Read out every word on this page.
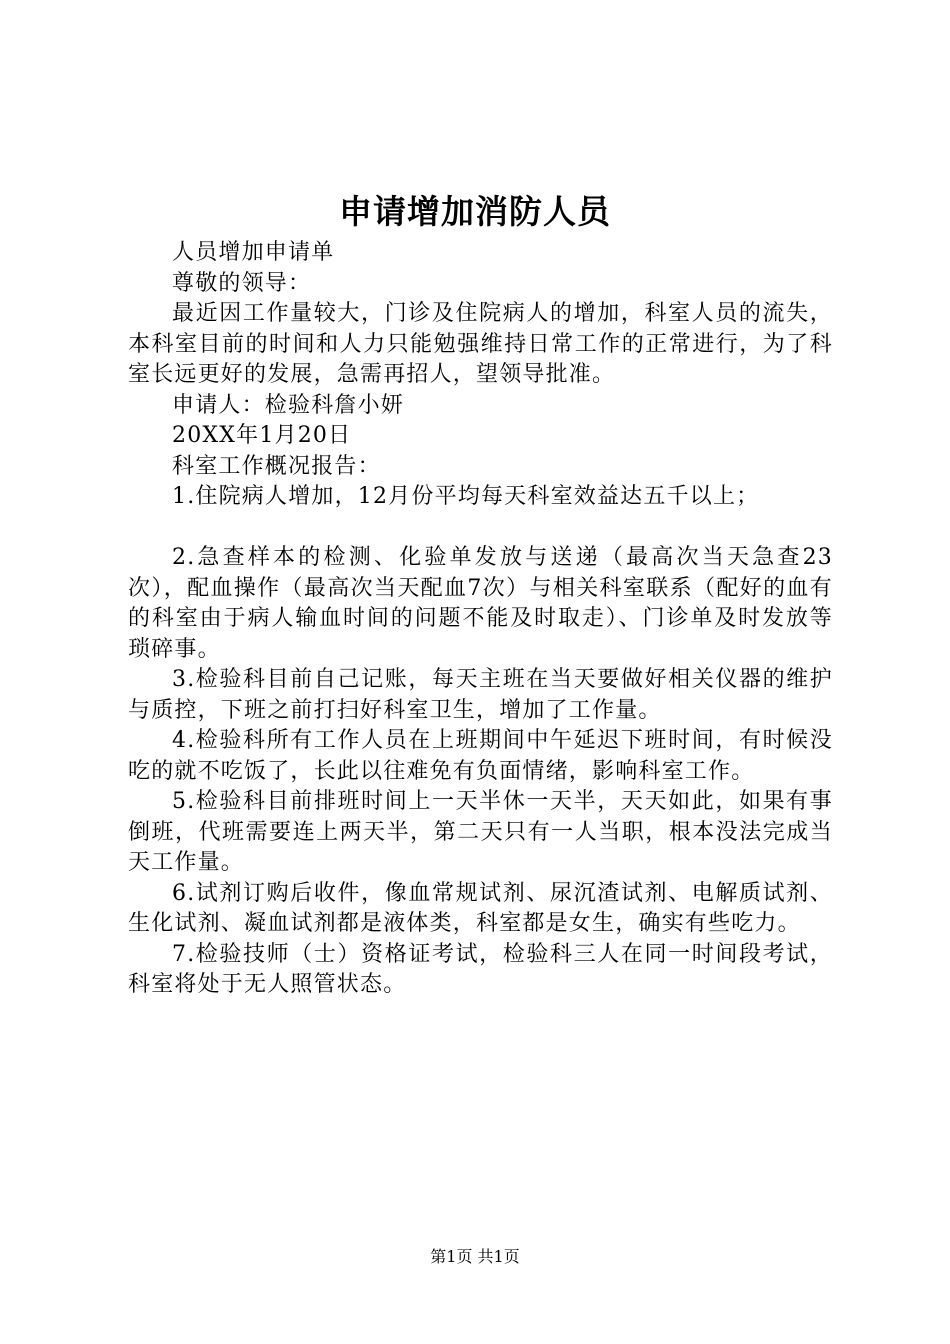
申请增加消防人员

人员增加申请单

尊敬的领导：

最近因工作量较大，门诊及住院病人的增加，科室人员的流失，本科室目前的时间和人力只能勉强维持日常工作的正常进行，为了科室长远更好的发展，急需再招人，望领导批准。

申请人：检验科詹小妍

20XX年1月20日

科室工作概况报告：

1.住院病人增加，12月份平均每天科室效益达五千以上；

2.急查样本的检测、化验单发放与送递（最高次当天急查23次），配血操作（最高次当天配血7次）与相关科室联系（配好的血有的科室由于病人输血时间的问题不能及时取走）、门诊单及时发放等琐碎事。

3.检验科目前自己记账，每天主班在当天要做好相关仪器的维护与质控，下班之前打扫好科室卫生，增加了工作量。

4.检验科所有工作人员在上班期间中午延迟下班时间，有时候没吃的就不吃饭了，长此以往难免有负面情绪，影响科室工作。

5.检验科目前排班时间上一天半休一天半，天天如此，如果有事倒班，代班需要连上两天半，第二天只有一人当职，根本没法完成当天工作量。

6.试剂订购后收件，像血常规试剂、尿沉渣试剂、电解质试剂、生化试剂、凝血试剂都是液体类，科室都是女生，确实有些吃力。

7.检验技师（士）资格证考试，检验科三人在同一时间段考试，科室将处于无人照管状态。

第1页 共1页
